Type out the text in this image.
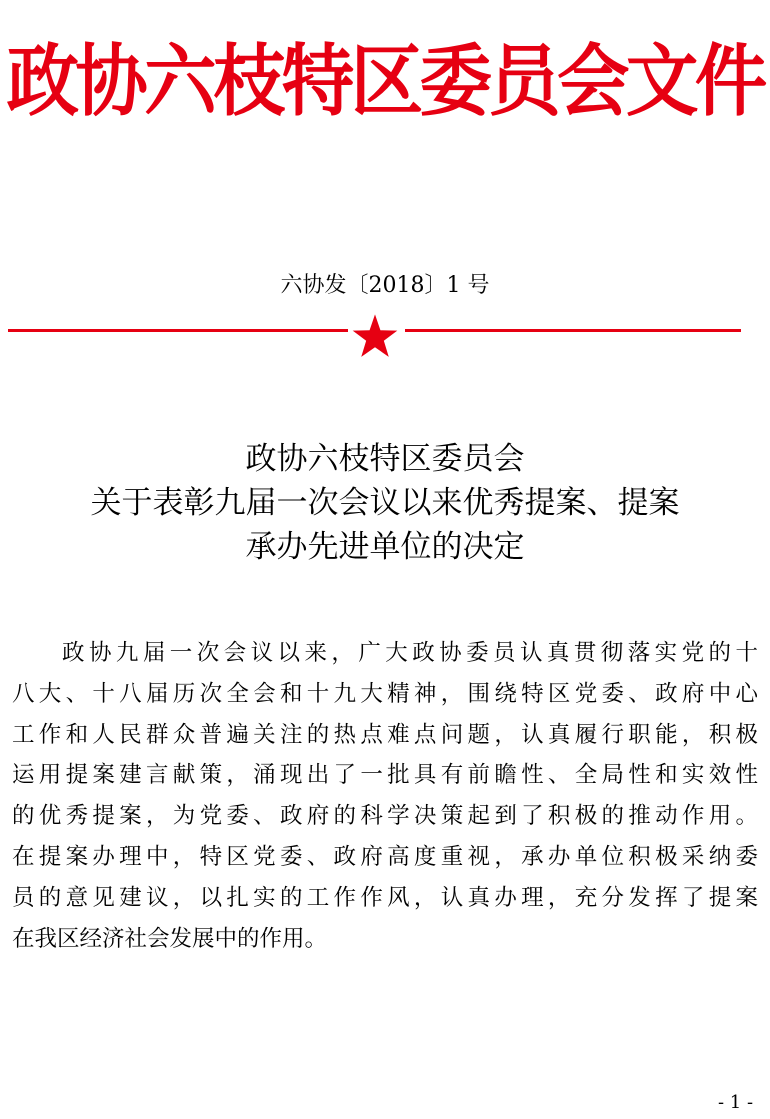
政协六枝特区委员会文件
六协发〔2018〕1 号
政协六枝特区委员会
关于表彰九届一次会议以来优秀提案、提案
承办先进单位的决定
政协九届一次会议以来，广大政协委员认真贯彻落实党的十
八大、十八届历次全会和十九大精神，围绕特区党委、政府中心
工作和人民群众普遍关注的热点难点问题，认真履行职能，积极
运用提案建言献策，涌现出了一批具有前瞻性、全局性和实效性
的优秀提案，为党委、政府的科学决策起到了积极的推动作用。
在提案办理中，特区党委、政府高度重视，承办单位积极采纳委
员的意见建议，以扎实的工作作风，认真办理，充分发挥了提案
在我区经济社会发展中的作用。
- 1 -
